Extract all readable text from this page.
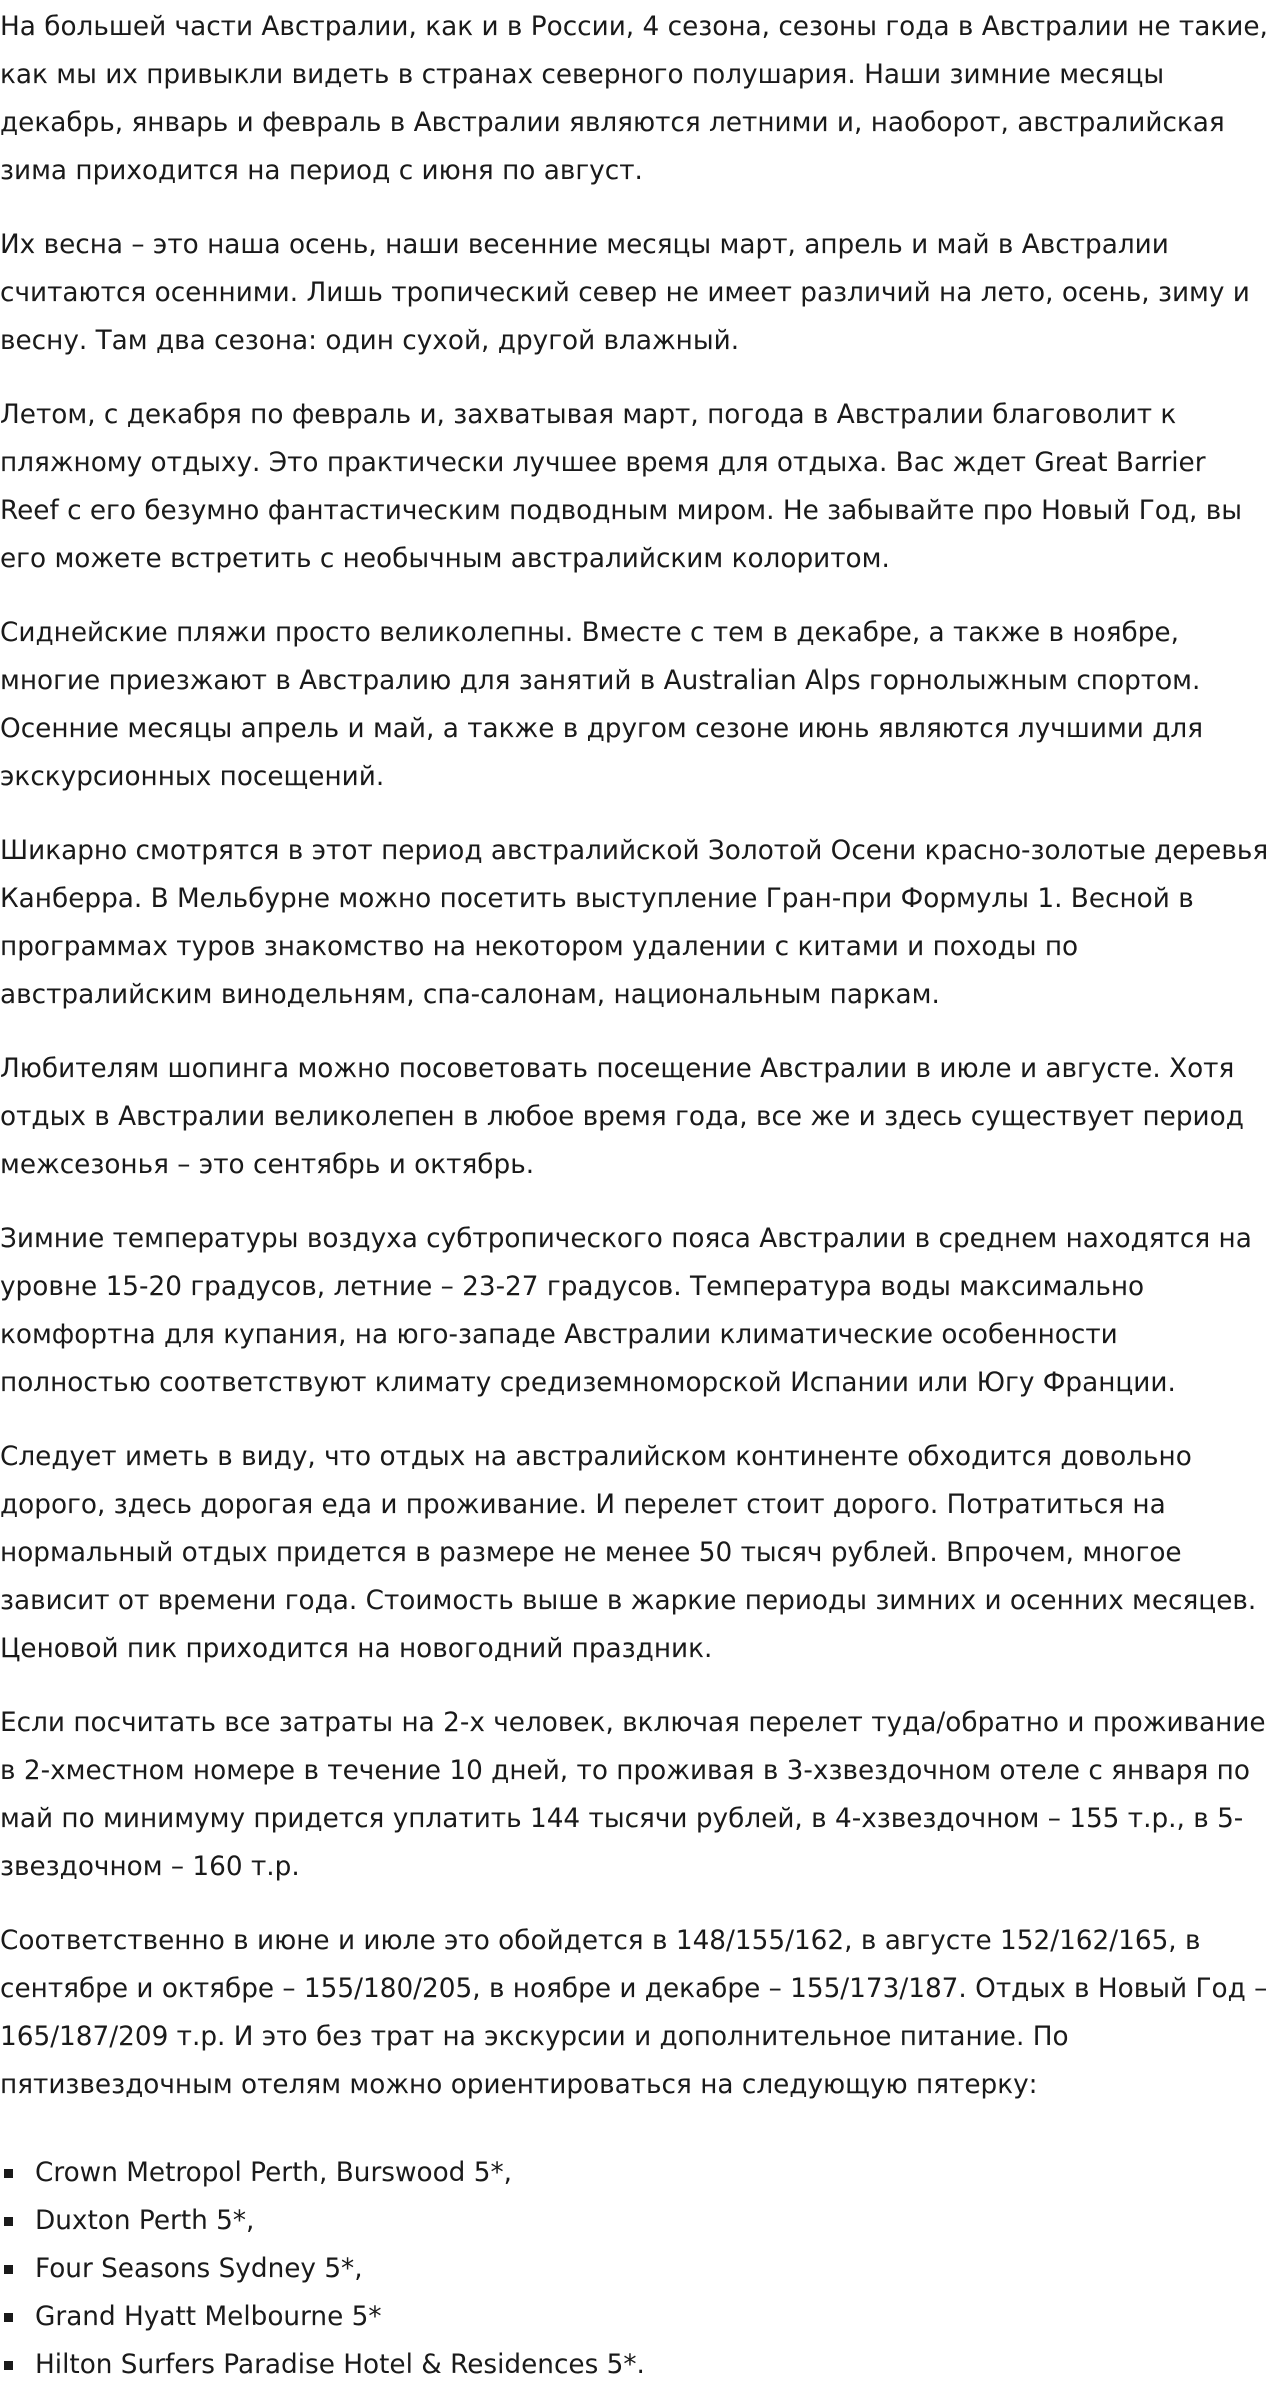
На большей части Австралии, как и в России, 4 сезона, сезоны года в Австралии не такие, как мы их привыкли видеть в странах северного полушария. Наши зимние месяцы декабрь, январь и февраль в Австралии являются летними и, наоборот, австралийская зима приходится на период с июня по август.

Их весна – это наша осень, наши весенние месяцы март, апрель и май в Австралии считаются осенними. Лишь тропический север не имеет различий на лето, осень, зиму и весну. Там два сезона: один сухой, другой влажный.

Летом, с декабря по февраль и, захватывая март, погода в Австралии благоволит к пляжному отдыху. Это практически лучшее время для отдыха. Вас ждет Great Barrier Reef с его безумно фантастическим подводным миром. Не забывайте про Новый Год, вы его можете встретить с необычным австралийским колоритом.

Сиднейские пляжи просто великолепны. Вместе с тем в декабре, а также в ноябре, многие приезжают в Австралию для занятий в Australian Alps горнолыжным спортом. Осенние месяцы апрель и май, а также в другом сезоне июнь являются лучшими для экскурсионных посещений.

Шикарно смотрятся в этот период австралийской Золотой Осени красно-золотые деревья Канберра. В Мельбурне можно посетить выступление Гран-при Формулы 1. Весной в программах туров знакомство на некотором удалении с китами и походы по австралийским винодельням, спа-салонам, национальным паркам.

Любителям шопинга можно посоветовать посещение Австралии в июле и августе. Хотя отдых в Австралии великолепен в любое время года, все же и здесь существует период межсезонья – это сентябрь и октябрь.

Зимние температуры воздуха субтропического пояса Австралии в среднем находятся на уровне 15-20 градусов, летние – 23-27 градусов. Температура воды максимально комфортна для купания, на юго-западе Австралии климатические особенности полностью соответствуют климату средиземноморской Испании или Югу Франции.

Следует иметь в виду, что отдых на австралийском континенте обходится довольно дорого, здесь дорогая еда и проживание. И перелет стоит дорого. Потратиться на нормальный отдых придется в размере не менее 50 тысяч рублей. Впрочем, многое зависит от времени года. Стоимость выше в жаркие периоды зимних и осенних месяцев. Ценовой пик приходится на новогодний праздник.

Если посчитать все затраты на 2-х человек, включая перелет туда/обратно и проживание в 2-хместном номере в течение 10 дней, то проживая в 3-хзвездочном отеле с января по май по минимуму придется уплатить 144 тысячи рублей, в 4-хзвездочном – 155 т.р., в 5-звездочном – 160 т.р.

Соответственно в июне и июле это обойдется в 148/155/162, в августе 152/162/165, в сентябре и октябре – 155/180/205, в ноябре и декабре – 155/173/187. Отдых в Новый Год – 165/187/209 т.р. И это без трат на экскурсии и дополнительное питание. По пятизвездочным отелям можно ориентироваться на следующую пятерку:

Crown Metropol Perth, Burswood 5*,
Duxton Perth 5*,
Four Seasons Sydney 5*,
Grand Hyatt Melbourne 5*
Hilton Surfers Paradise Hotel & Residences 5*.
